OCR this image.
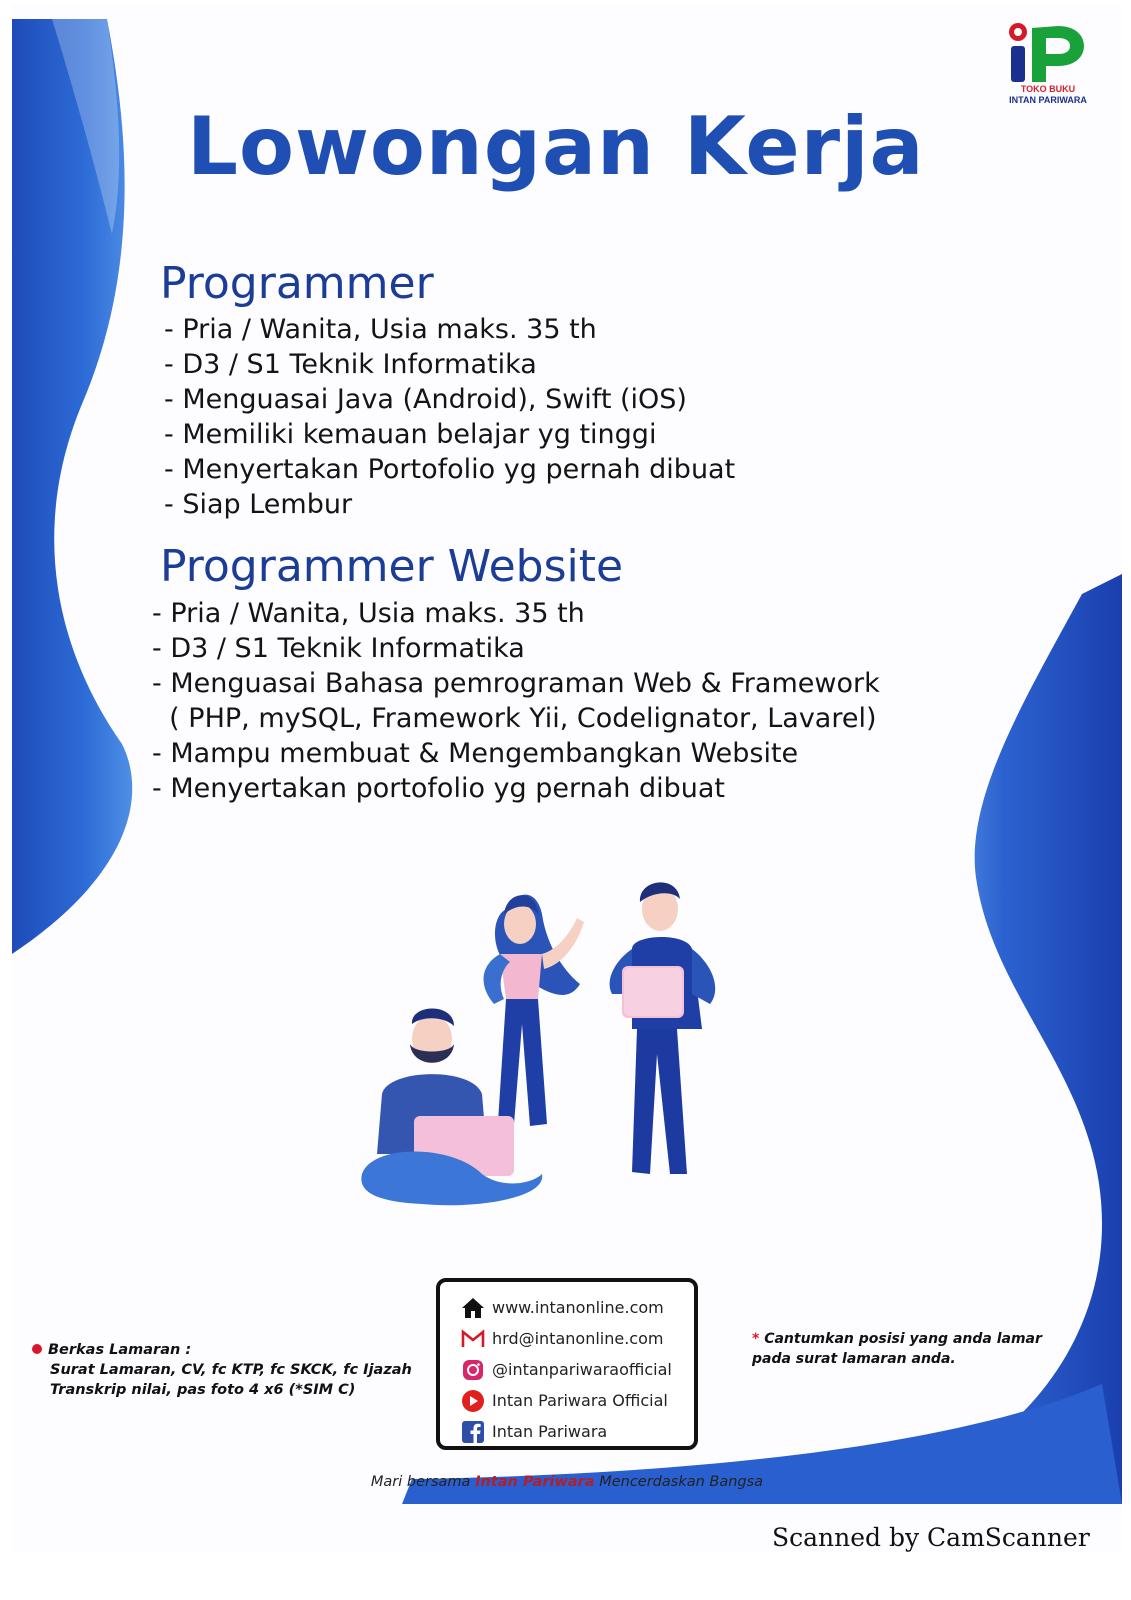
TOKO BUKU
INTAN PARIWARA
Lowongan Kerja
Programmer
- Pria / Wanita, Usia maks. 35 th
- D3 / S1 Teknik Informatika
- Menguasai Java (Android), Swift (iOS)
- Memiliki kemauan belajar yg tinggi
- Menyertakan Portofolio yg pernah dibuat
- Siap Lembur
Programmer Website
- Pria / Wanita, Usia maks. 35 th
- D3 / S1 Teknik Informatika
- Menguasai Bahasa pemrograman Web & Framework
( PHP, mySQL, Framework Yii, Codelignator, Lavarel)
- Mampu membuat & Mengembangkan Website
- Menyertakan portofolio yg pernah dibuat
Berkas Lamaran :
Surat Lamaran, CV, fc KTP, fc SKCK, fc Ijazah
Transkrip nilai, pas foto 4 x6 (*SIM C)
www.intanonline.com
hrd@intanonline.com
@intanpariwaraofficial
Intan Pariwara Official
Intan Pariwara
* Cantumkan posisi yang anda lamar
pada surat lamaran anda.
Mari bersama Intan Pariwara Mencerdaskan Bangsa
Scanned by CamScanner
